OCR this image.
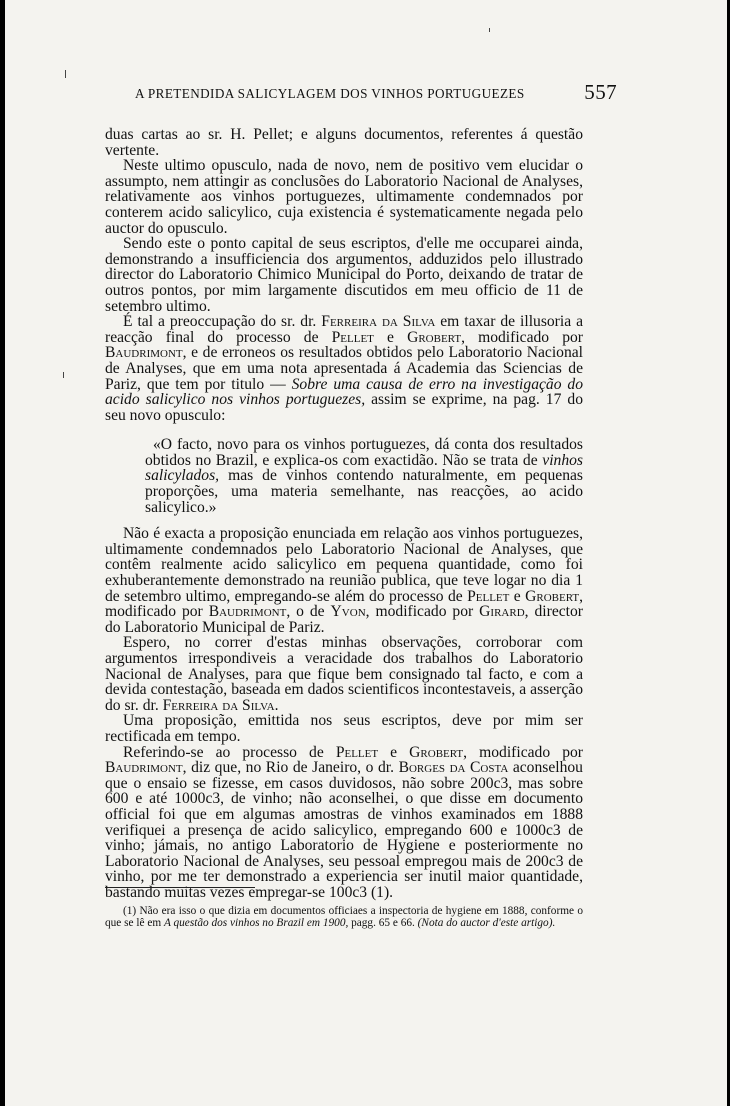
A PRETENDIDA SALICYLAGEM DOS VINHOS PORTUGUEZES	557

duas cartas ao sr. H. Pellet; e alguns documentos, referentes á questão vertente.

Neste ultimo opusculo, nada de novo, nem de positivo vem elucidar o assumpto, nem attingir as conclusões do Laboratorio Nacional de Analyses, relativamente aos vinhos portuguezes, ultimamente condemnados por conterem acido salicylico, cuja existencia é systematicamente negada pelo auctor do opusculo.

Sendo este o ponto capital de seus escriptos, d'elle me occuparei ainda, demonstrando a insufficiencia dos argumentos, adduzidos pelo illustrado director do Laboratorio Chimico Municipal do Porto, deixando de tratar de outros pontos, por mim largamente discutidos em meu officio de 11 de setembro ultimo.

É tal a preoccupação do sr. dr. Ferreira da Silva em taxar de illusoria a reacção final do processo de Pellet e Grobert, modificado por Baudrimont, e de erroneos os resultados obtidos pelo Laboratorio Nacional de Analyses, que em uma nota apresentada á Academia das Sciencias de Pariz, que tem por titulo — Sobre uma causa de erro na investigação do acido salicylico nos vinhos portuguezes, assim se exprime, na pag. 17 do seu novo opusculo:

«O facto, novo para os vinhos portuguezes, dá conta dos resultados obtidos no Brazil, e explica-os com exactidão. Não se trata de vinhos salicylados, mas de vinhos contendo naturalmente, em pequenas proporções, uma materia semelhante, nas reacções, ao acido salicylico.»

Não é exacta a proposição enunciada em relação aos vinhos portuguezes, ultimamente condemnados pelo Laboratorio Nacional de Analyses, que contêm realmente acido salicylico em pequena quantidade, como foi exhuberantemente demonstrado na reunião publica, que teve logar no dia 1 de setembro ultimo, empregando-se além do processo de Pellet e Grobert, modificado por Baudrimont, o de Yvon, modificado por Girard, director do Laboratorio Municipal de Pariz.

Espero, no correr d'estas minhas observações, corroborar com argumentos irrespondiveis a veracidade dos trabalhos do Laboratorio Nacional de Analyses, para que fique bem consignado tal facto, e com a devida contestação, baseada em dados scientificos incontestaveis, a asserção do sr. dr. Ferreira da Silva.

Uma proposição, emittida nos seus escriptos, deve por mim ser rectificada em tempo.

Referindo-se ao processo de Pellet e Grobert, modificado por Baudrimont, diz que, no Rio de Janeiro, o dr. Borges da Costa aconselhou que o ensaio se fizesse, em casos duvidosos, não sobre 200c3, mas sobre 600 e até 1000c3, de vinho; não aconselhei, o que disse em documento official foi que em algumas amostras de vinhos examinados em 1888 verifiquei a presença de acido salicylico, empregando 600 e 1000c3 de vinho; jámais, no antigo Laboratorio de Hygiene e posteriormente no Laboratorio Nacional de Analyses, seu pessoal empregou mais de 200c3 de vinho, por me ter demonstrado a experiencia ser inutil maior quantidade, bastando muitas vezes empregar-se 100c3 (1).

(1) Não era isso o que dizia em documentos officiaes a inspectoria de hygiene em 1888, conforme o que se lê em A questão dos vinhos no Brazil em 1900, pagg. 65 e 66. (Nota do auctor d'este artigo).
